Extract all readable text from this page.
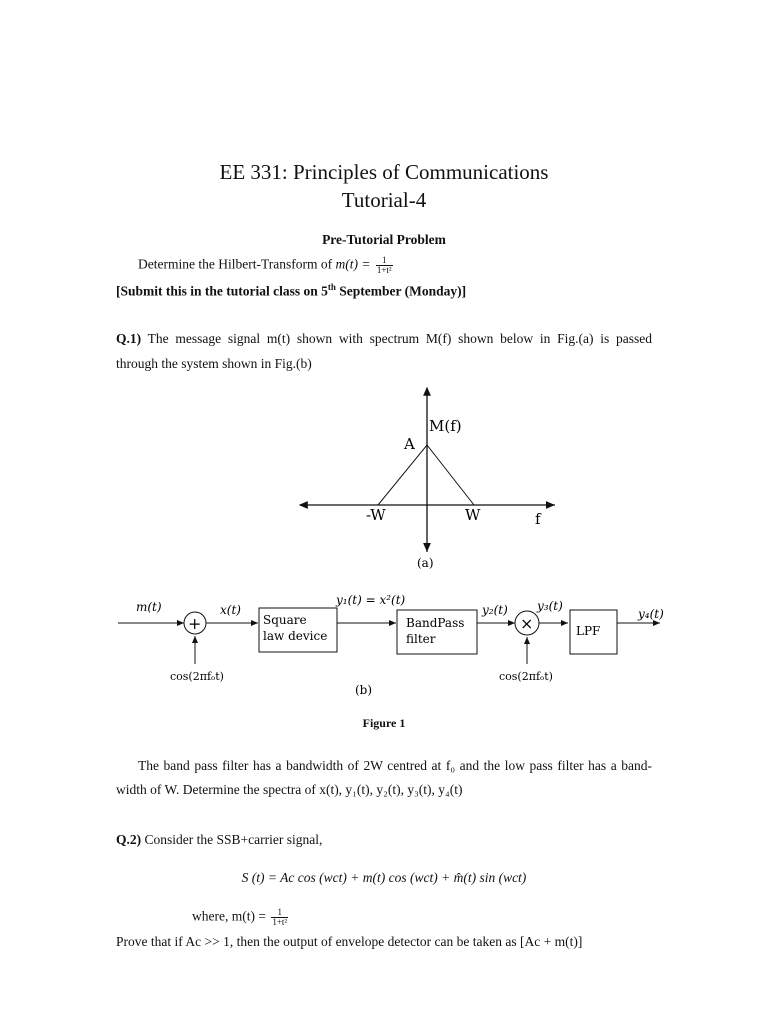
EE 331: Principles of Communications
Tutorial-4
Pre-Tutorial Problem
Determine the Hilbert-Transform of $m(t) = \frac{1}{\text{1+t²}}$
[Submit this in the tutorial class on 5th September (Monday)]
Q.1) The message signal m(t) shown with spectrum M(f) shown below in Fig.(a) is passed
through the system shown in Fig.(b)
M(f)
A
-W	W	f
(a)
m(t)
+
cos(2πfₒt)
x(t)
Square
law device
y₁(t) = x²(t)
BandPass
filter
y₂(t)
×
cos(2πfₒt)
y₃(t)
LPF
y₄(t)
(b)
Figure 1
The band pass filter has a bandwidth of 2W centred at f₀ and the low pass filter has a band-
width of W. Determine the spectra of x(t), y₁(t), y₂(t), y₃(t), y₄(t)
Q.2) Consider the SSB+carrier signal,
S (t) = Ac cos (wct) + m(t) cos (wct) + m̂(t) sin (wct)
where, $m(t) = \frac{1}{\text{1+t²}}$
Prove that if Ac >> 1, then the output of envelope detector can be taken as [Ac + m(t)]
